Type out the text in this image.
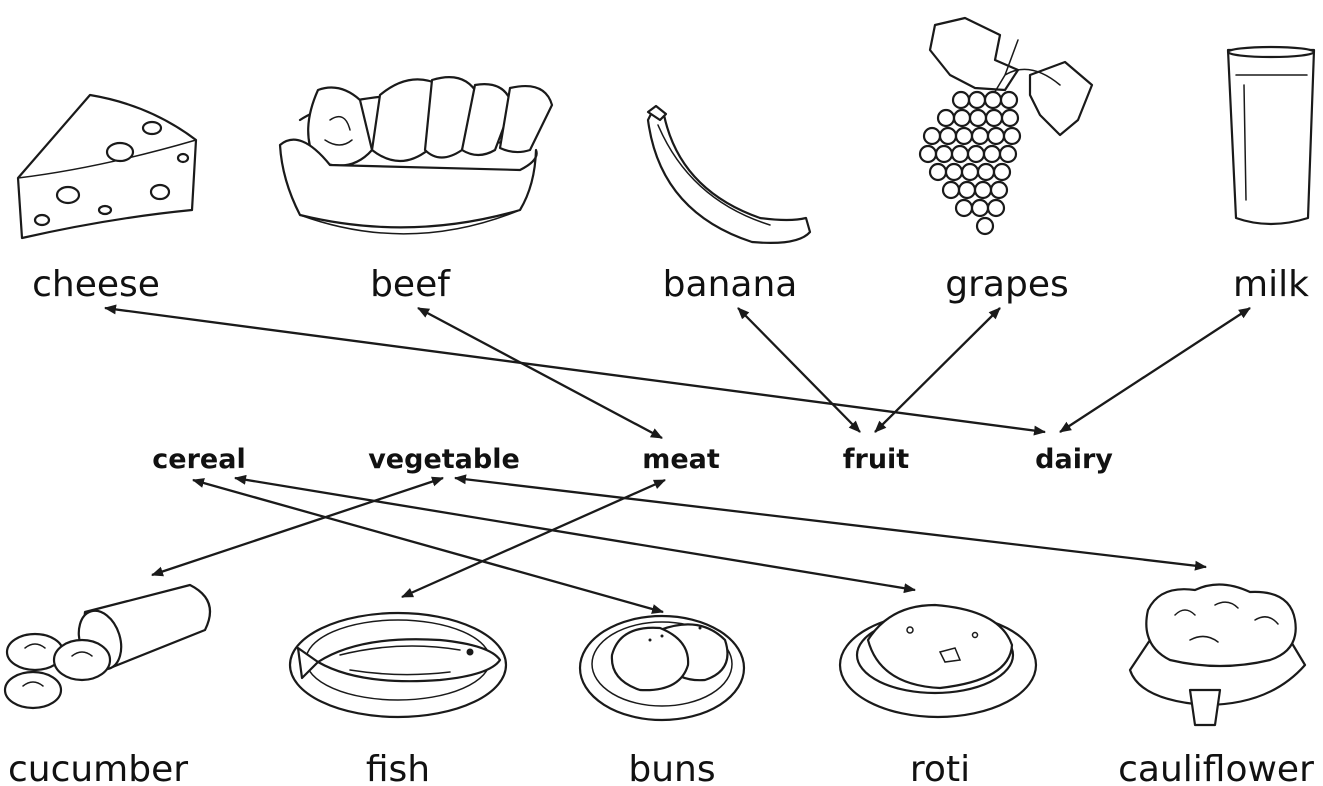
cheese	beef	banana	grapes	milk
cereal	vegetable	meat	fruit	dairy
cucumber	fish	buns	roti	cauliflower
